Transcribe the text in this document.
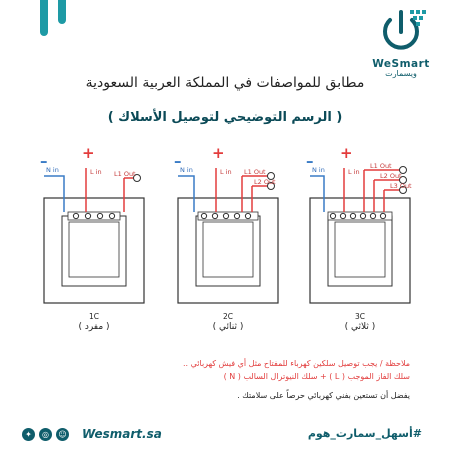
WeSmart
ويسمارت
مطابق للمواصفات في المملكة العربية السعودية
( الرسم التوضيحي لتوصيل الأسلاك )
– +
N in	L in L1 Out
– +
N in	L in L1 Out
L2 Out
– +
N in	L in
L1 Out
L2 Out
L3 Out
1C
( مفرد )
2C
( ثنائي )
3C
( ثلاثي )
ملاحظة / يجب توصيل سلكين كهرباء للمفتاح مثل أي فيش كهربائي ..
سلك الفاز الموجب ( L ) + سلك النيوترال السالب ( N )
يفضل أن تستعين بفني كهربائي حرصاً على سلامتك .
✦	◎	☺ Wesmart.sa	#أسهل_سمارت_هوم
